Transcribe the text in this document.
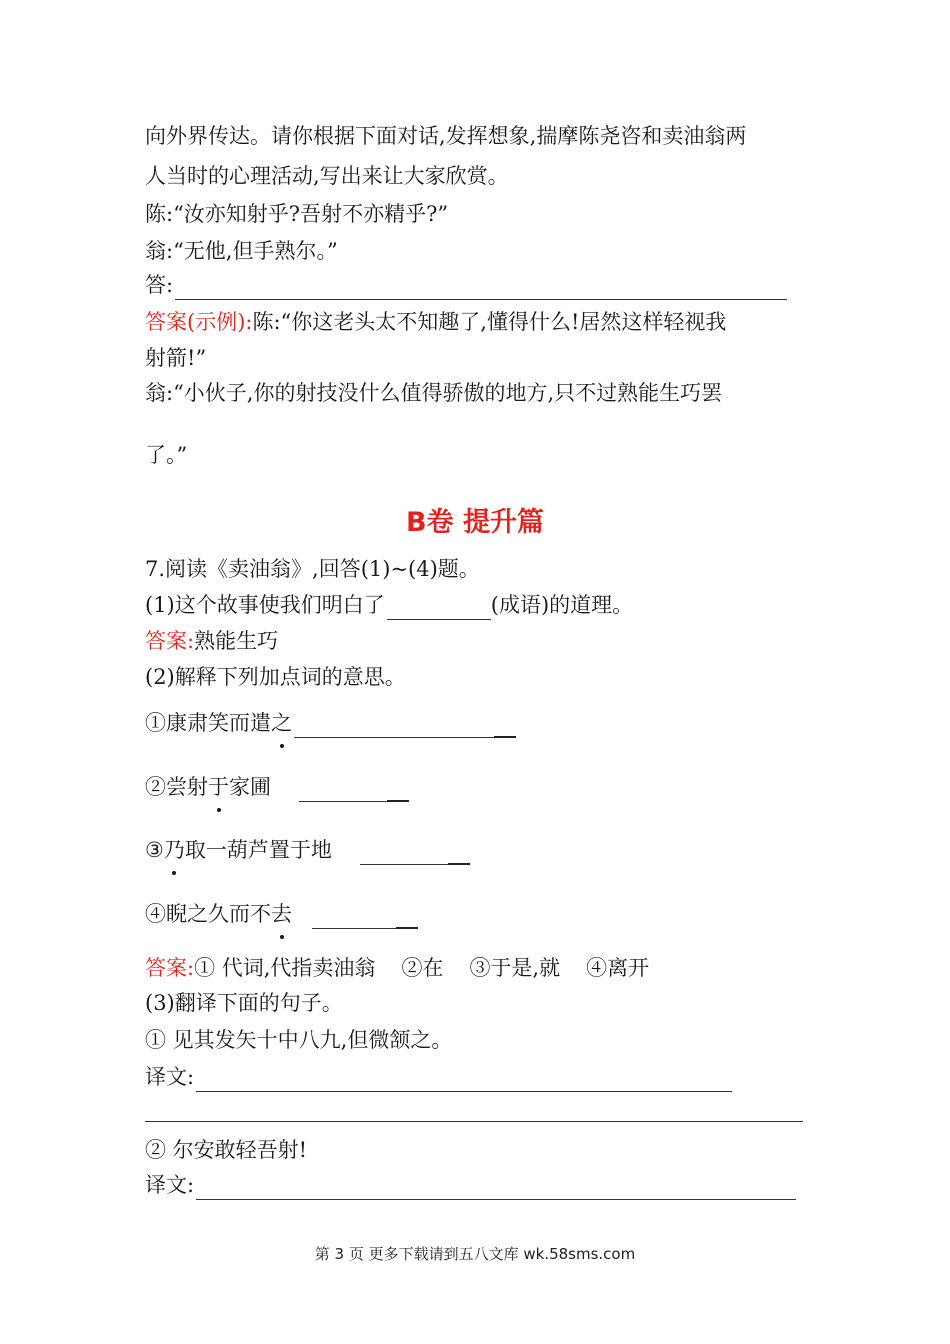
向外界传达。请你根据下面对话,发挥想象,揣摩陈尧咨和卖油翁两
人当时的心理活动,写出来让大家欣赏。
陈:“汝亦知射乎?吾射不亦精乎?”
翁:“无他,但手熟尔。”
答:
答案(示例):陈:“你这老头太不知趣了,懂得什么!居然这样轻视我
射箭!”
翁:“小伙子,你的射技没什么值得骄傲的地方,只不过熟能生巧罢
了。”
B卷 提升篇
7.阅读《卖油翁》,回答(1)~(4)题。
(1)这个故事使我们明白了	(成语)的道理。
答案:熟能生巧
(2)解释下列加点词的意思。
①康肃笑而遣之
②尝射于家圃
③乃取一葫芦置于地
④睨之久而不去
答案:① 代词,代指卖油翁 ②在 ③于是,就 ④离开
(3)翻译下面的句子。
① 见其发矢十中八九,但微颔之。
译文:
② 尔安敢轻吾射!
译文:
第 3 页 更多下载请到五八文库 wk.58sms.com
